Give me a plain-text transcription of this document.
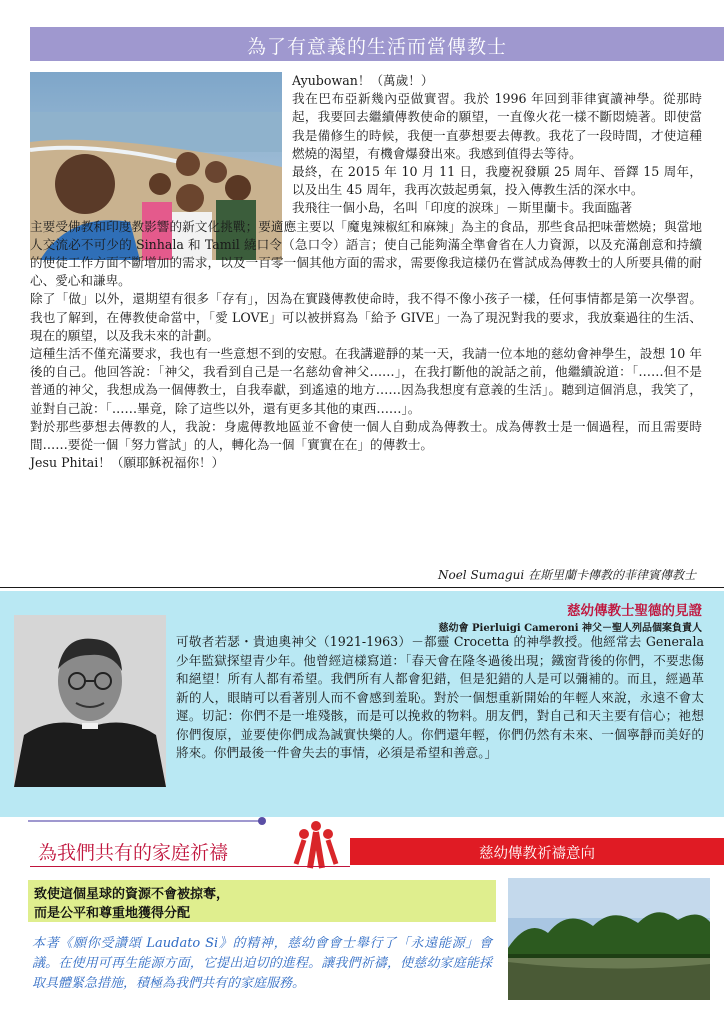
為了有意義的生活而當傳教士

Ayubowan！（萬歲！）

我在巴布亞新幾內亞做實習。我於 1996 年回到菲律賓讀神學。從那時起，我要回去繼續傳教使命的願望，一直像火花一樣不斷悶燒著。即使當我是備修生的時候，我便一直夢想要去傳教。我花了一段時間，才使這種燃燒的渴望，有機會爆發出來。我感到值得去等待。

最終，在 2015 年 10 月 11 日，我慶祝發願 25 周年、晉鐸 15 周年，以及出生 45 周年，我再次鼓起勇氣，投入傳教生活的深水中。

我飛往一個小島，名叫「印度的淚珠」－斯里蘭卡。我面臨著

主要受佛教和印度教影響的新文化挑戰；要適應主要以「魔鬼辣椒紅和麻辣」為主的食品，那些食品把味蕾燃燒；與當地人交流必不可少的 Sinhala 和 Tamil 繞口令（急口令）語言；使自己能夠滿全準會省在人力資源，以及充滿創意和持續的使徒工作方面不斷增加的需求，以及一百零一個其他方面的需求，需要像我這樣仍在嘗試成為傳教士的人所要具備的耐心、愛心和謙卑。

除了「做」以外，還期望有很多「存有」，因為在實踐傳教使命時，我不得不像小孩子一樣，任何事情都是第一次學習。我也了解到，在傳教使命當中，「愛 LOVE」可以被拼寫為「給予 GIVE」一為了現況對我的要求，我放棄過往的生活、現在的願望，以及我未來的計劃。

這種生活不僅充滿要求，我也有一些意想不到的安慰。在我講避靜的某一天，我請一位本地的慈幼會神學生，設想 10 年後的自己。他回答說：「神父，我看到自己是一名慈幼會神父……」，在我打斷他的說話之前，他繼續說道：「……但不是普通的神父，我想成為一個傳教士，自我奉獻，到遙遠的地方……因為我想度有意義的生活」。聽到這個消息，我笑了，並對自己說：「……畢竟，除了這些以外，還有更多其他的東西……」。

對於那些夢想去傳教的人，我說：身處傳教地區並不會使一個人自動成為傳教士。成為傳教士是一個過程，而且需要時間……要從一個「努力嘗試」的人，轉化為一個「實實在在」的傳教士。

Jesu Phitai！（願耶穌祝福你！）

Noel Sumagui 在斯里蘭卡傳教的菲律賓傳教士
慈幼傳教士聖德的見證
慈幼會 Pierluigi Cameroni 神父－聖人列品個案負責人
可敬者若瑟・貴迪奧神父（1921-1963）－都靈 Crocetta 的神學教授。他經常去 Generala 少年監獄探望青少年。他曾經這樣寫道：「春天會在隆冬過後出現；鐵窗背後的你們，不要悲傷和絕望！所有人都有希望。我們所有人都會犯錯，但是犯錯的人是可以彌補的。而且，經過革新的人，眼睛可以看著別人而不會感到羞恥。對於一個想重新開始的年輕人來說，永遠不會太遲。切記：你們不是一堆殘骸，而是可以挽救的物料。朋友們，對自己和天主要有信心；祂想你們復原，並要使你們成為誠實快樂的人。你們還年輕，你們仍然有未來、一個寧靜而美好的將來。你們最後一件會失去的事情，必須是希望和善意。」
為我們共有的家庭祈禱	慈幼傳教祈禱意向
致使這個星球的資源不會被掠奪，
而是公平和尊重地獲得分配
本著《願你受讚頌 Laudato Si》的精神，慈幼會會士舉行了「永遠能源」會議。在使用可再生能源方面，它提出迫切的進程。讓我們祈禱，使慈幼家庭能採取具體緊急措施，積極為我們共有的家庭服務。
